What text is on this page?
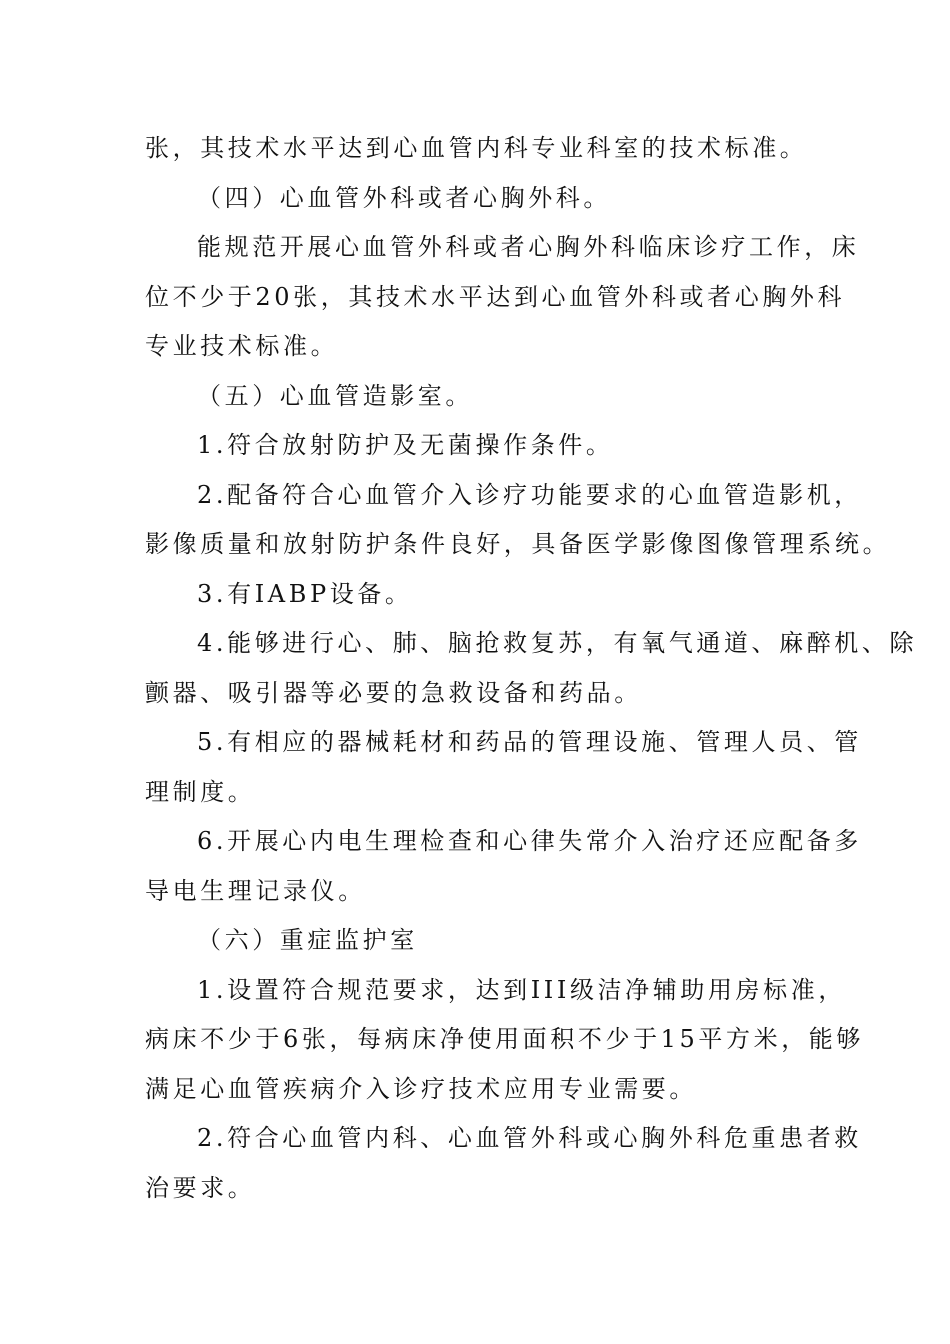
张，其技术水平达到心血管内科专业科室的技术标准。
（四）心血管外科或者心胸外科。
能规范开展心血管外科或者心胸外科临床诊疗工作，床
位不少于20张，其技术水平达到心血管外科或者心胸外科
专业技术标准。
（五）心血管造影室。
1.符合放射防护及无菌操作条件。
2.配备符合心血管介入诊疗功能要求的心血管造影机，
影像质量和放射防护条件良好，具备医学影像图像管理系统。
3.有IABP设备。
4.能够进行心、肺、脑抢救复苏，有氧气通道、麻醉机、除
颤器、吸引器等必要的急救设备和药品。
5.有相应的器械耗材和药品的管理设施、管理人员、管
理制度。
6.开展心内电生理检查和心律失常介入治疗还应配备多
导电生理记录仪。
（六）重症监护室
1.设置符合规范要求，达到III级洁净辅助用房标准，
病床不少于6张，每病床净使用面积不少于15平方米，能够
满足心血管疾病介入诊疗技术应用专业需要。
2.符合心血管内科、心血管外科或心胸外科危重患者救
治要求。
